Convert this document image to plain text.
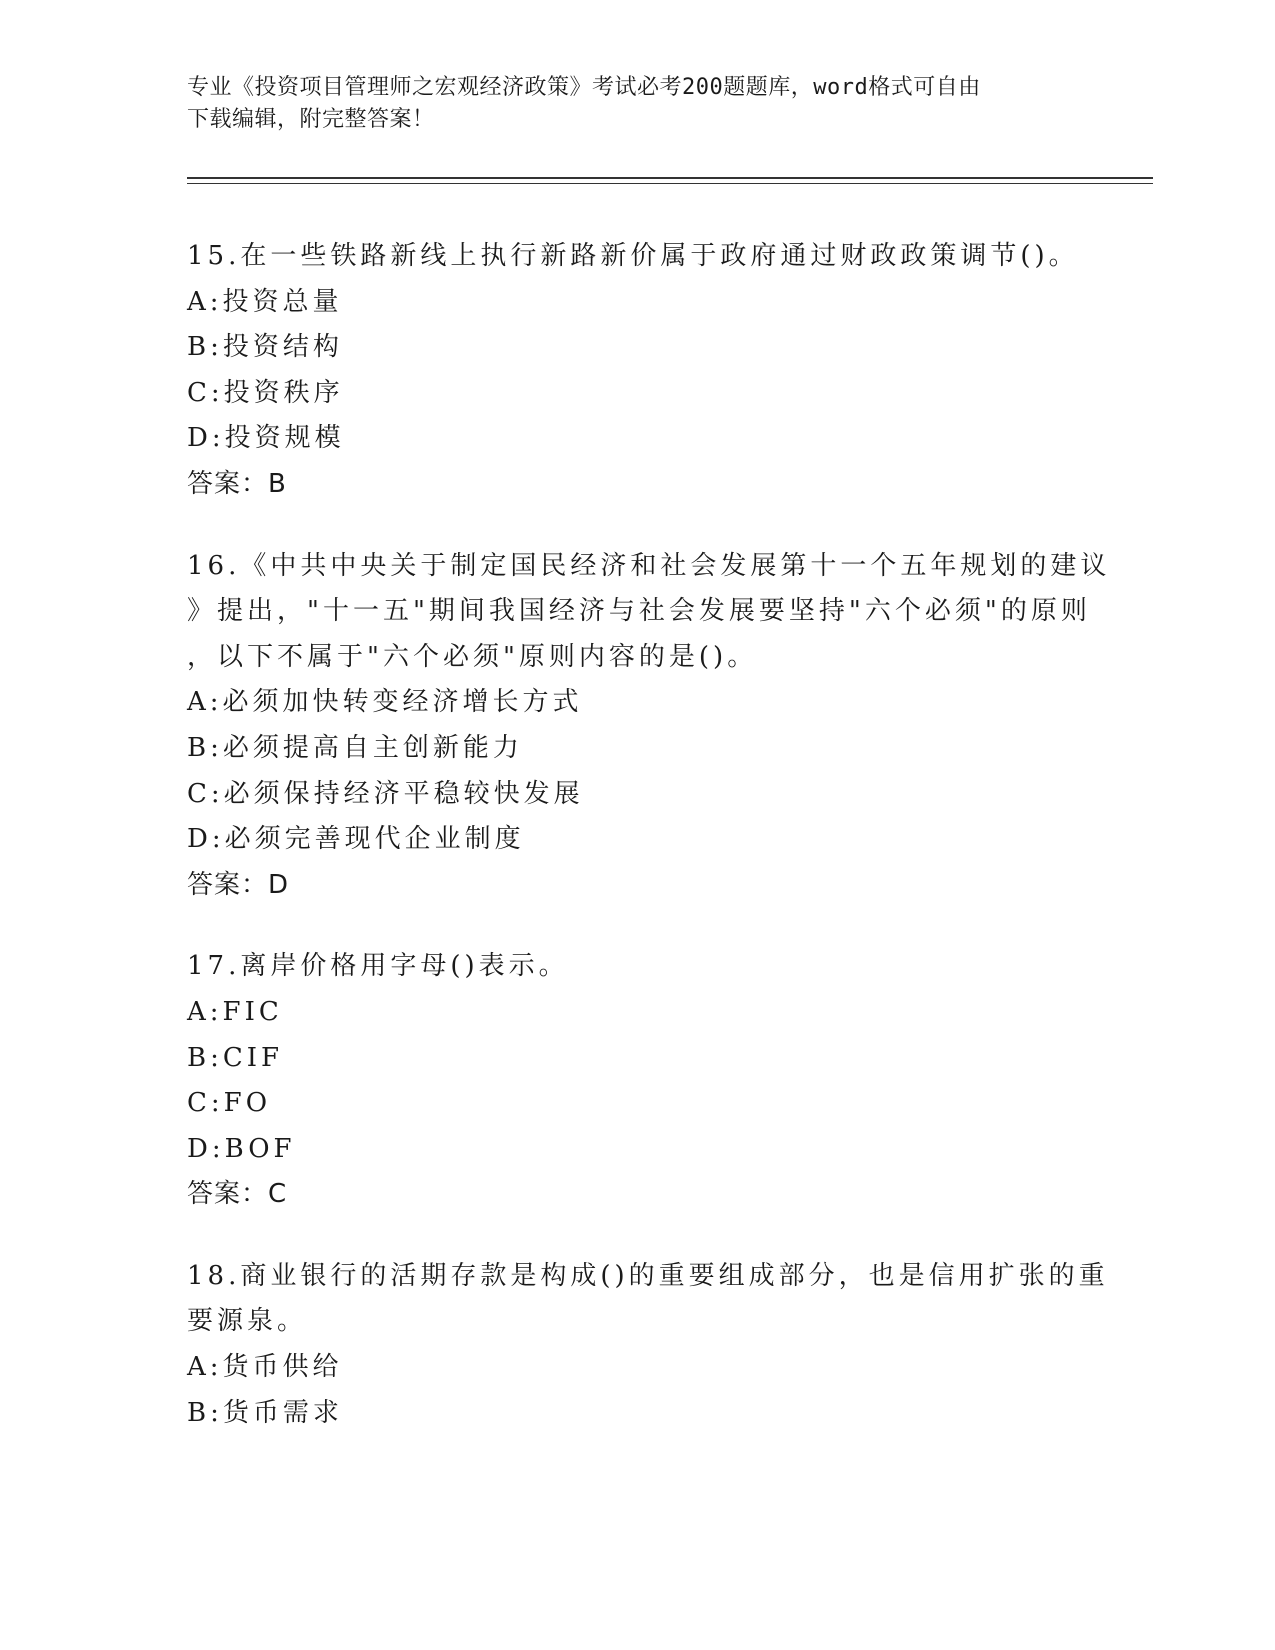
专业《投资项目管理师之宏观经济政策》考试必考200题题库，word格式可自由
下载编辑，附完整答案！
15.在一些铁路新线上执行新路新价属于政府通过财政政策调节()。
A:投资总量
B:投资结构
C:投资秩序
D:投资规模
答案：B
16.《中共中央关于制定国民经济和社会发展第十一个五年规划的建议
》提出，"十一五"期间我国经济与社会发展要坚持"六个必须"的原则
，以下不属于"六个必须"原则内容的是()。
A:必须加快转变经济增长方式
B:必须提高自主创新能力
C:必须保持经济平稳较快发展
D:必须完善现代企业制度
答案：D
17.离岸价格用字母()表示。
A:FIC
B:CIF
C:FO
D:BOF
答案：C
18.商业银行的活期存款是构成()的重要组成部分，也是信用扩张的重
要源泉。
A:货币供给
B:货币需求
